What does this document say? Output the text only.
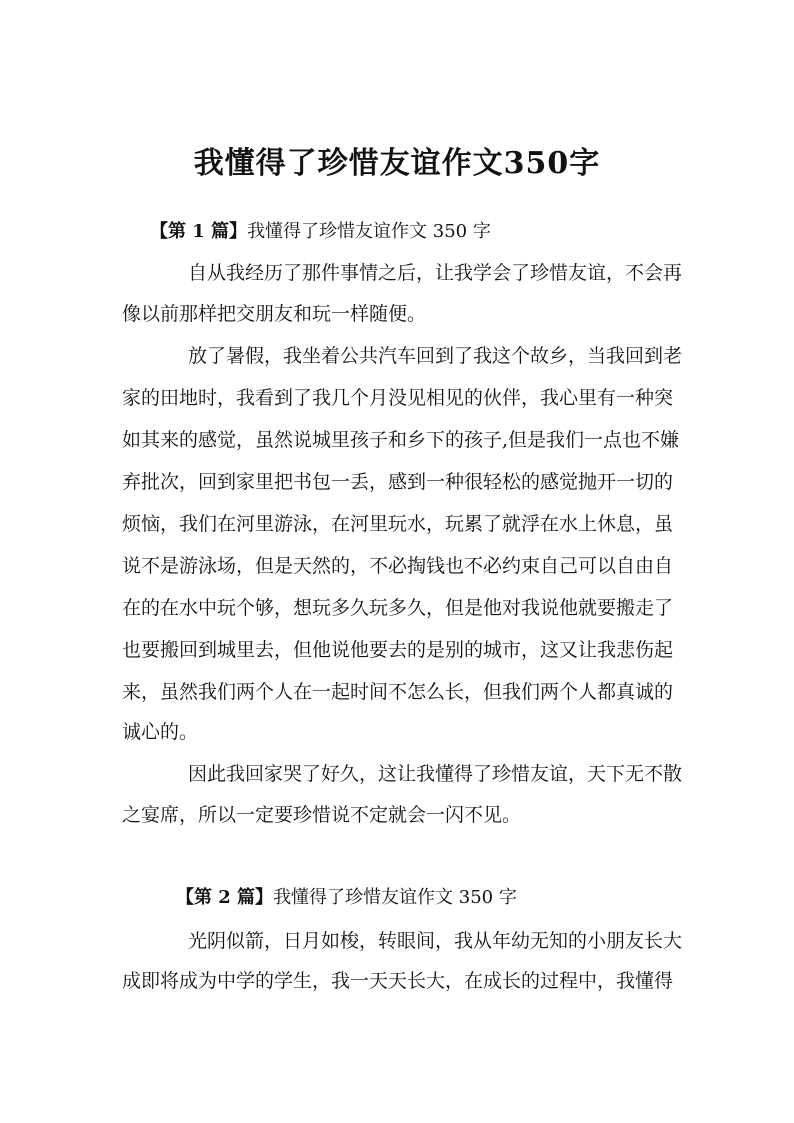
我懂得了珍惜友谊作文350字
【第 1 篇】我懂得了珍惜友谊作文 350 字

自从我经历了那件事情之后，让我学会了珍惜友谊，不会再

像以前那样把交朋友和玩一样随便。

放了暑假，我坐着公共汽车回到了我这个故乡，当我回到老

家的田地时，我看到了我几个月没见相见的伙伴，我心里有一种突

如其来的感觉，虽然说城里孩子和乡下的孩子,但是我们一点也不嫌

弃批次，回到家里把书包一丢，感到一种很轻松的感觉抛开一切的

烦恼，我们在河里游泳，在河里玩水，玩累了就浮在水上休息，虽

说不是游泳场，但是天然的，不必掏钱也不必约束自己可以自由自

在的在水中玩个够，想玩多久玩多久，但是他对我说他就要搬走了

也要搬回到城里去，但他说他要去的是别的城市，这又让我悲伤起

来，虽然我们两个人在一起时间不怎么长，但我们两个人都真诚的

诚心的。

因此我回家哭了好久，这让我懂得了珍惜友谊，天下无不散

之宴席，所以一定要珍惜说不定就会一闪不见。

【第 2 篇】我懂得了珍惜友谊作文 350 字

光阴似箭，日月如梭，转眼间，我从年幼无知的小朋友长大

成即将成为中学的学生，我一天天长大，在成长的过程中，我懂得
